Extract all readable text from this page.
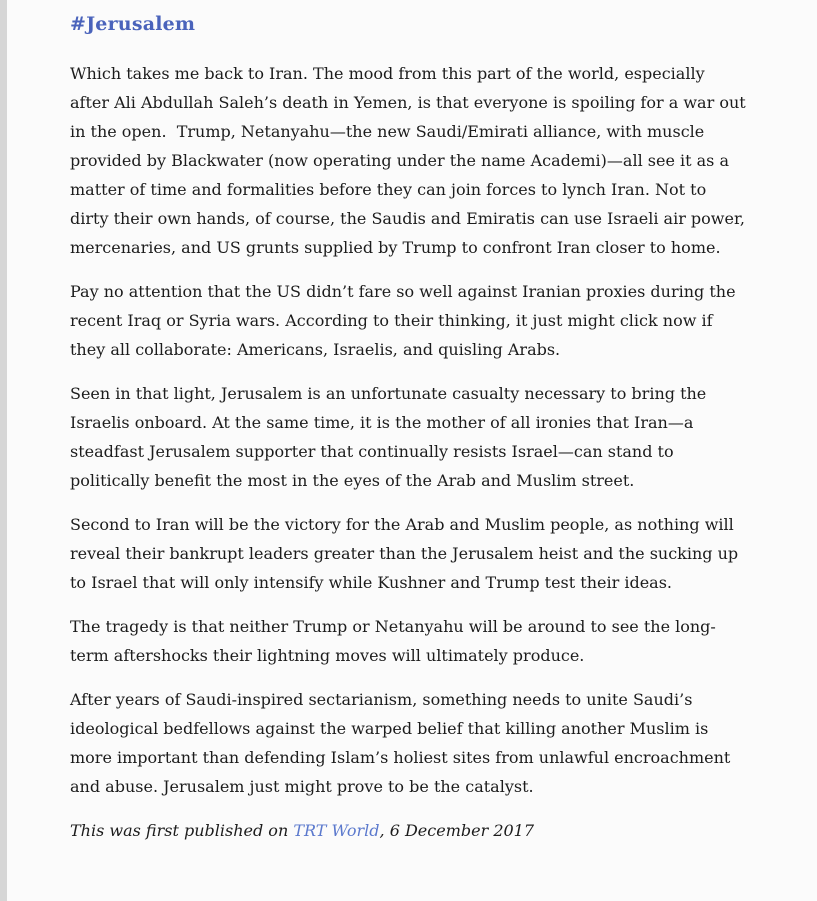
#Jerusalem

Which takes me back to Iran. The mood from this part of the world, especially after Ali Abdullah Saleh’s death in Yemen, is that everyone is spoiling for a war out in the open.  Trump, Netanyahu—the new Saudi/Emirati alliance, with muscle provided by Blackwater (now operating under the name Academi)—all see it as a matter of time and formalities before they can join forces to lynch Iran. Not to dirty their own hands, of course, the Saudis and Emiratis can use Israeli air power, mercenaries, and US grunts supplied by Trump to confront Iran closer to home.

Pay no attention that the US didn’t fare so well against Iranian proxies during the recent Iraq or Syria wars. According to their thinking, it just might click now if they all collaborate: Americans, Israelis, and quisling Arabs.

Seen in that light, Jerusalem is an unfortunate casualty necessary to bring the Israelis onboard. At the same time, it is the mother of all ironies that Iran—a steadfast Jerusalem supporter that continually resists Israel—can stand to politically benefit the most in the eyes of the Arab and Muslim street.

Second to Iran will be the victory for the Arab and Muslim people, as nothing will reveal their bankrupt leaders greater than the Jerusalem heist and the sucking up to Israel that will only intensify while Kushner and Trump test their ideas.

The tragedy is that neither Trump or Netanyahu will be around to see the long-term aftershocks their lightning moves will ultimately produce.

After years of Saudi-inspired sectarianism, something needs to unite Saudi’s ideological bedfellows against the warped belief that killing another Muslim is more important than defending Islam’s holiest sites from unlawful encroachment and abuse. Jerusalem just might prove to be the catalyst.

This was first published on TRT World, 6 December 2017
